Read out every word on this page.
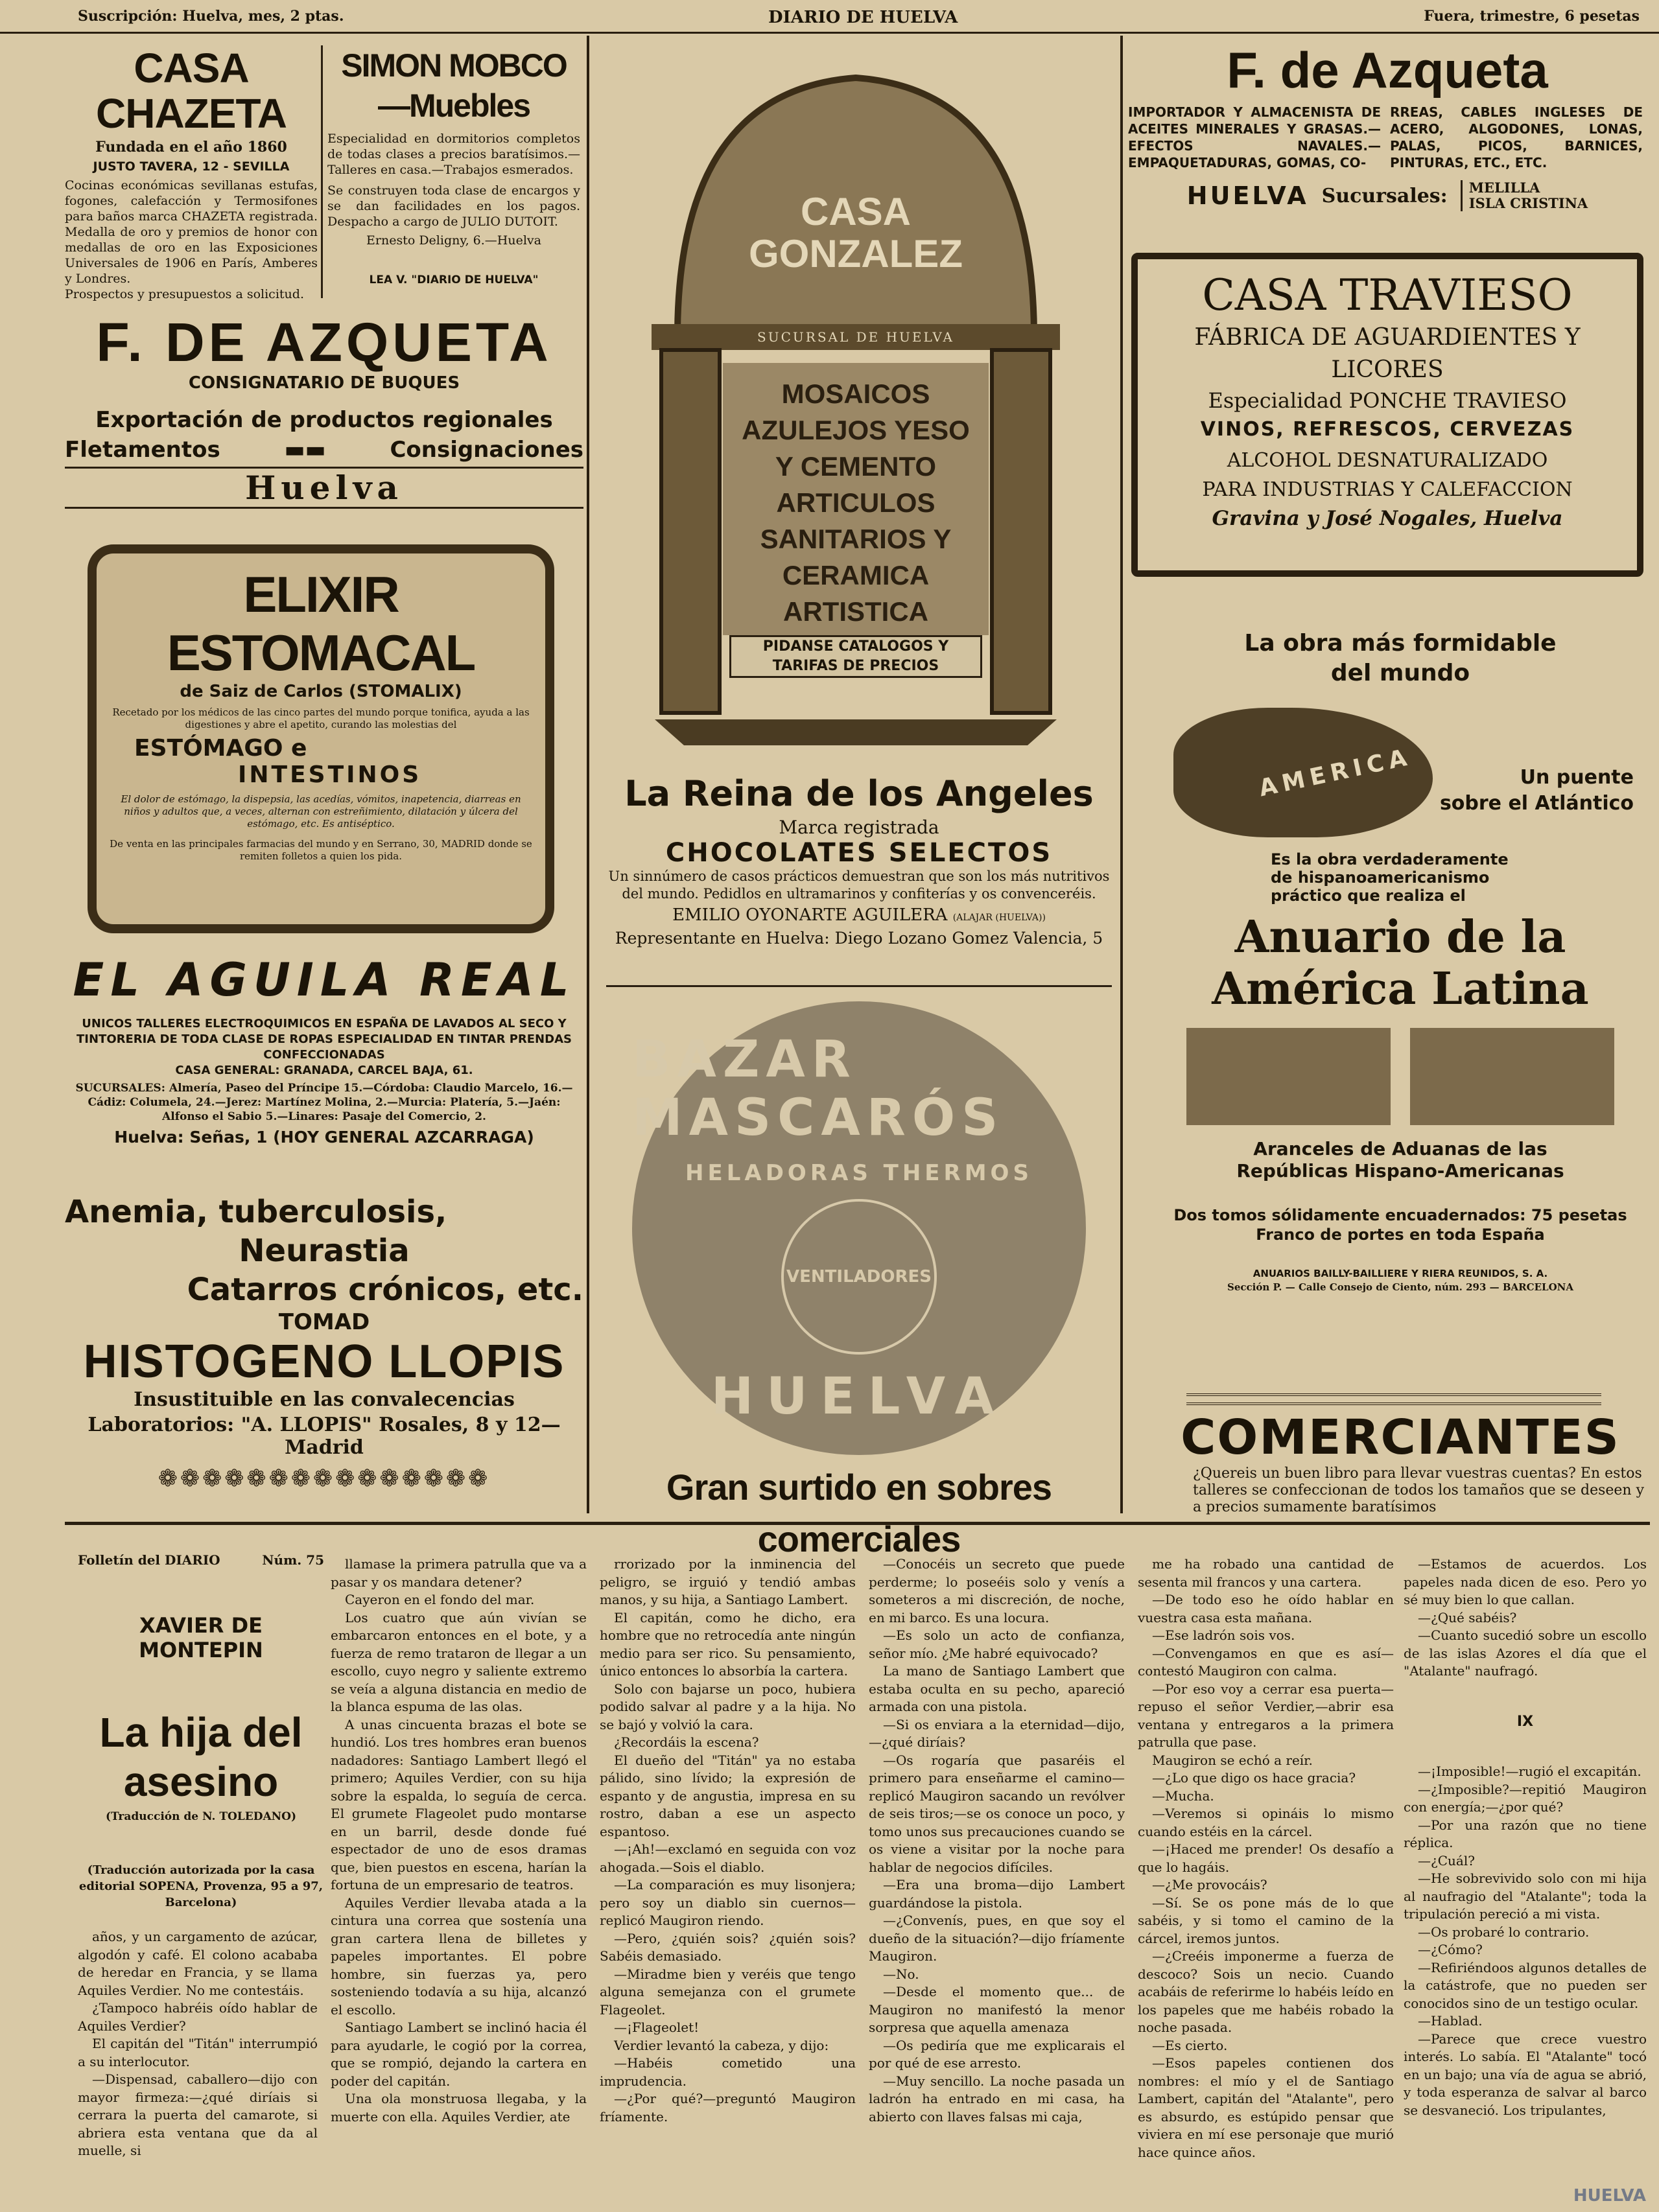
Suscripción: Huelva, mes, 2 ptas.	DIARIO DE HUELVA	Fuera, trimestre, 6 pesetas
CASA CHAZETA
Fundada en el año 1860
JUSTO TAVERA, 12 - SEVILLA
Cocinas económicas sevillanas estufas, fogones, calefacción y Termosifones para baños marca CHAZETA registrada. Medalla de oro y premios de honor con medallas de oro en las Exposiciones Universales de 1906 en París, Amberes y Londres.
Prospectos y presupuestos a solicitud.
SIMON MOBCO—Muebles
Especialidad en dormitorios completos de todas clases a precios baratísimos.—Talleres en casa.—Trabajos esmerados.
Se construyen toda clase de encargos y se dan facilidades en los pagos. Despacho a cargo de JULIO DUTOIT.
Ernesto Deligny, 6.—Huelva
LEA V. "DIARIO DE HUELVA"
F. DE AZQUETA
CONSIGNATARIO DE BUQUES
Exportación de productos regionales
Fletamentos	▬▬	Consignaciones
Huelva
ELIXIR ESTOMACAL
de Saiz de Carlos (STOMALIX)
Recetado por los médicos de las cinco partes del mundo porque tonifica, ayuda a las digestiones y abre el apetito, curando las molestias del
ESTÓMAGO e
INTESTINOS
El dolor de estómago, la dispepsia, las acedías, vómitos, inapetencia, diarreas en niños y adultos que, a veces, alternan con estreñimiento, dilatación y úlcera del estómago, etc. Es antiséptico.
De venta en las principales farmacias del mundo y en Serrano, 30, MADRID donde se remiten folletos a quien los pida.
EL AGUILA REAL
UNICOS TALLERES ELECTROQUIMICOS EN ESPAÑA DE LAVADOS AL SECO Y TINTORERIA DE TODA CLASE DE ROPAS ESPECIALIDAD EN TINTAR PRENDAS CONFECCIONADAS
CASA GENERAL: GRANADA, CARCEL BAJA, 61.
SUCURSALES: Almería, Paseo del Príncipe 15.—Córdoba: Claudio Marcelo, 16.—Cádiz: Columela, 24.—Jerez: Martínez Molina, 2.—Murcia: Platería, 5.—Jaén: Alfonso el Sabio 5.—Linares: Pasaje del Comercio, 2.
Huelva: Señas, 1 (HOY GENERAL AZCARRAGA)
Anemia, tuberculosis,
Neurastia
Catarros crónicos, etc.
TOMAD
HISTOGENO LLOPIS
Insustituible en las convalecencias
Laboratorios: "A. LLOPIS" Rosales, 8 y 12—Madrid
❁❁❁❁❁❁❁❁❁❁❁❁❁❁❁
CASA
GONZALEZ
SUCURSAL DE HUELVA
MOSAICOS AZULEJOS YESO Y CEMENTO ARTICULOS SANITARIOS Y CERAMICA ARTISTICA
PIDANSE CATALOGOS Y TARIFAS DE PRECIOS
La Reina de los Angeles
Marca registrada
CHOCOLATES SELECTOS
Un sinnúmero de casos prácticos demuestran que son los más nutritivos del mundo. Pedidlos en ultramarinos y confiterías y os convenceréis.
EMILIO OYONARTE AGUILERA (ALAJAR (HUELVA))
Representante en Huelva: Diego Lozano Gomez Valencia, 5
BAZAR MASCARÓS
HELADORAS THERMOS
VENTILADORES
HUELVA
Gran surtido en sobres comerciales
F. de Azqueta
IMPORTADOR Y ALMACENISTA DE ACEITES MINERALES Y GRASAS.—EFECTOS NAVALES.—EMPAQUETADURAS, GOMAS, CO-
RREAS, CABLES INGLESES DE ACERO, ALGODONES, LONAS, PALAS, PICOS, BARNICES, PINTURAS, ETC., ETC.
HUELVA Sucursales:	MELILLA
ISLA CRISTINA
CASA TRAVIESO
FÁBRICA DE AGUARDIENTES Y LICORES
Especialidad PONCHE TRAVIESO
VINOS, REFRESCOS, CERVEZAS
ALCOHOL DESNATURALIZADO
PARA INDUSTRIAS Y CALEFACCION
Gravina y José Nogales, Huelva
La obra más formidable
del mundo
AMERICA	Un puente
sobre el Atlántico
Es la obra verdaderamente
de hispanoamericanismo
práctico que realiza el
Anuario de la
América Latina
Aranceles de Aduanas de las
Repúblicas Hispano-Americanas
Dos tomos sólidamente encuadernados: 75 pesetas
Franco de portes en toda España
ANUARIOS BAILLY-BAILLIERE Y RIERA REUNIDOS, S. A.
Sección P. — Calle Consejo de Ciento, núm. 293 — BARCELONA
COMERCIANTES
¿Quereis un buen libro para llevar vuestras cuentas? En estos talleres se confeccionan de todos los tamaños que se deseen y a precios sumamente baratísimos
Folletín del DIARIO	Núm. 75
XAVIER DE MONTEPIN
La hija del asesino
(Traducción de N. TOLEDANO)
(Traducción autorizada por la casa editorial SOPENA, Provenza, 95 a 97, Barcelona)

años, y un cargamento de azúcar, algodón y café. El colono acababa de heredar en Francia, y se llama Aquiles Verdier. No me contestáis.

¿Tampoco habréis oído hablar de Aquiles Verdier?

El capitán del "Titán" interrumpió a su interlocutor.

—Dispensad, caballero—dijo con mayor firmeza:—¿qué diríais si cerrara la puerta del camarote, si abriera esta ventana que da al muelle, si

llamase la primera patrulla que va a pasar y os mandara detener?

Cayeron en el fondo del mar.

Los cuatro que aún vivían se embarcaron entonces en el bote, y a fuerza de remo trataron de llegar a un escollo, cuyo negro y saliente extremo se veía a alguna distancia en medio de la blanca espuma de las olas.

A unas cincuenta brazas el bote se hundió. Los tres hombres eran buenos nadadores: Santiago Lambert llegó el primero; Aquiles Verdier, con su hija sobre la espalda, lo seguía de cerca. El grumete Flageolet pudo montarse en un barril, desde donde fué espectador de uno de esos dramas que, bien puestos en escena, harían la fortuna de un empresario de teatros.

Aquiles Verdier llevaba atada a la cintura una correa que sostenía una gran cartera llena de billetes y papeles importantes. El pobre hombre, sin fuerzas ya, pero sosteniendo todavía a su hija, alcanzó el escollo.

Santiago Lambert se inclinó hacia él para ayudarle, le cogió por la correa, que se rompió, dejando la cartera en poder del capitán.

Una ola monstruosa llegaba, y la muerte con ella. Aquiles Verdier, ate

rrorizado por la inminencia del peligro, se irguió y tendió ambas manos, y su hija, a Santiago Lambert.

El capitán, como he dicho, era hombre que no retrocedía ante ningún medio para ser rico. Su pensamiento, único entonces lo absorbía la cartera.

Solo con bajarse un poco, hubiera podido salvar al padre y a la hija. No se bajó y volvió la cara.

¿Recordáis la escena?

El dueño del "Titán" ya no estaba pálido, sino lívido; la expresión de espanto y de angustia, impresa en su rostro, daban a ese un aspecto espantoso.

—¡Ah!—exclamó en seguida con voz ahogada.—Sois el diablo.

—La comparación es muy lisonjera; pero soy un diablo sin cuernos—replicó Maugiron riendo.

—Pero, ¿quién sois? ¿quién sois? Sabéis demasiado.

—Miradme bien y veréis que tengo alguna semejanza con el grumete Flageolet.

—¡Flageolet!

Verdier levantó la cabeza, y dijo:

—Habéis cometido una imprudencia.

—¿Por qué?—preguntó Maugiron fríamente.

—Conocéis un secreto que puede perderme; lo poseéis solo y venís a someteros a mi discreción, de noche, en mi barco. Es una locura.

—Es solo un acto de confianza, señor mío. ¿Me habré equivocado?

La mano de Santiago Lambert que estaba oculta en su pecho, apareció armada con una pistola.

—Si os enviara a la eternidad—dijo,—¿qué diríais?

—Os rogaría que pasaréis el primero para enseñarme el camino—replicó Maugiron sacando un revólver de seis tiros;—se os conoce un poco, y tomo unos sus precauciones cuando se os viene a visitar por la noche para hablar de negocios difíciles.

—Era una broma—dijo Lambert guardándose la pistola.

—¿Convenís, pues, en que soy el dueño de la situación?—dijo fríamente Maugiron.

—No.

—Desde el momento que... de Maugiron no manifestó la menor sorpresa que aquella amenaza

—Os pediría que me explicarais el por qué de ese arresto.

—Muy sencillo. La noche pasada un ladrón ha entrado en mi casa, ha abierto con llaves falsas mi caja,

me ha robado una cantidad de sesenta mil francos y una cartera.

—De todo eso he oído hablar en vuestra casa esta mañana.

—Ese ladrón sois vos.

—Convengamos en que es así—contestó Maugiron con calma.

—Por eso voy a cerrar esa puerta—repuso el señor Verdier,—abrir esa ventana y entregaros a la primera patrulla que pase.

Maugiron se echó a reír.

—¿Lo que digo os hace gracia?

—Mucha.

—Veremos si opináis lo mismo cuando estéis en la cárcel.

—¡Haced me prender! Os desafío a que lo hagáis.

—¿Me provocáis?

—Sí. Se os pone más de lo que sabéis, y si tomo el camino de la cárcel, iremos juntos.

—¿Creéis imponerme a fuerza de descoco? Sois un necio. Cuando acabáis de referirme lo habéis leído en los papeles que me habéis robado la noche pasada.

—Es cierto.

—Esos papeles contienen dos nombres: el mío y el de Santiago Lambert, capitán del "Atalante", pero es absurdo, es estúpido pensar que viviera en mí ese personaje que murió hace quince años.

—Estamos de acuerdos. Los papeles nada dicen de eso. Pero yo sé muy bien lo que callan.

—¿Qué sabéis?

—Cuanto sucedió sobre un escollo de las islas Azores el día que el "Atalante" naufragó.

IX

—¡Imposible!—rugió el excapitán.

—¿Imposible?—repitió Maugiron con energía;—¿por qué?

—Por una razón que no tiene réplica.

—¿Cuál?

—He sobrevivido solo con mi hija al naufragio del "Atalante"; toda la tripulación pereció a mi vista.

—Os probaré lo contrario.

—¿Cómo?

—Refiriéndoos algunos detalles de la catástrofe, que no pueden ser conocidos sino de un testigo ocular.

—Hablad.

—Parece que crece vuestro interés. Lo sabía. El "Atalante" tocó en un bajo; una vía de agua se abrió, y toda esperanza de salvar al barco se desvaneció. Los tripulantes,

HUELVA
